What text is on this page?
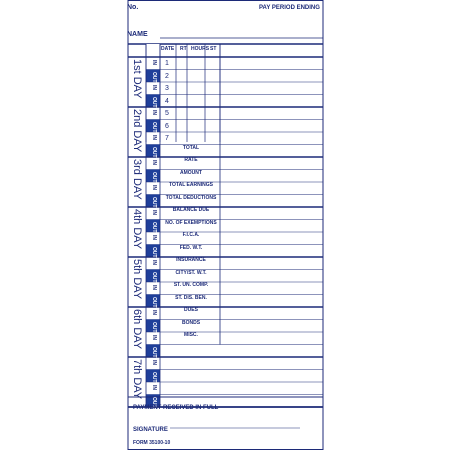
No.	PAY PERIOD ENDING
NAME
DATE RT HOURS ST
IN
OUT
IN
OUT
IN
OUT
IN
OUT
IN
OUT
IN
OUT
IN
OUT
IN
OUT
IN
OUT
IN
OUT
IN
OUT
IN
OUT
IN
OUT
IN
OUT
1
2
3
4
5
6
7
TOTAL
RATE
AMOUNT
TOTAL EARNINGS
TOTAL DEDUCTIONS
BALANCE DUE
NO. OF EXEMPTIONS
F.I.C.A.
FED. W.T.
INSURANCE
CITY/ST. W.T.
ST. UN. COMP.
ST. DIS. BEN.
DUES
BONDS
MISC.
1st DAY
2nd DAY
3rd DAY
4th DAY
5th DAY
6th DAY
7th DAY
PAYMENT RECEIVED IN FULL
SIGNATURE
FORM 35100-10
